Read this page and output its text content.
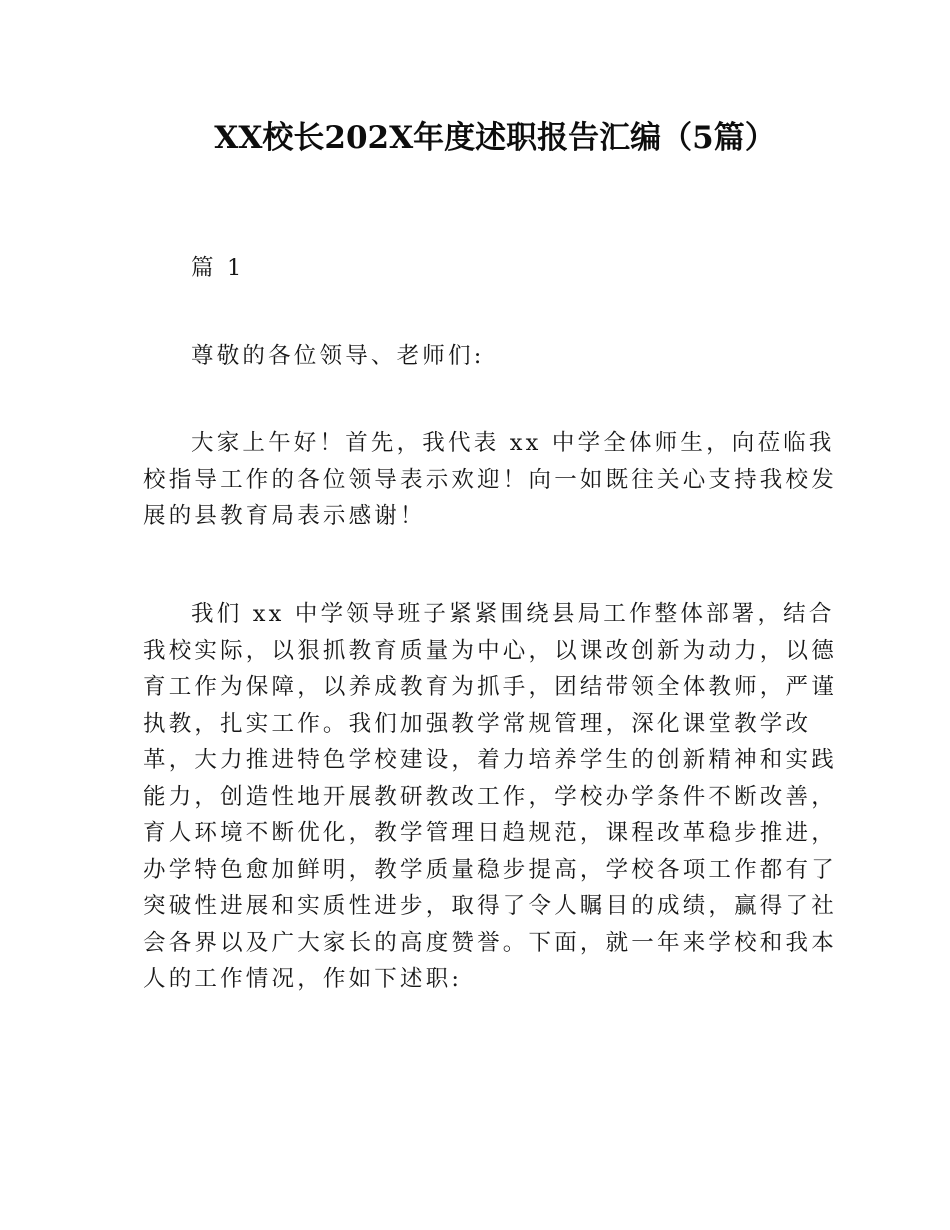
XX校长202X年度述职报告汇编（5篇）

篇 1

尊敬的各位领导、老师们:

大家上午好！首先，我代表 xx 中学全体师生，向莅临我
校指导工作的各位领导表示欢迎！向一如既往关心支持我校发
展的县教育局表示感谢！

我们 xx 中学领导班子紧紧围绕县局工作整体部署，结合
我校实际，以狠抓教育质量为中心，以课改创新为动力，以德
育工作为保障，以养成教育为抓手，团结带领全体教师，严谨
执教，扎实工作。我们加强教学常规管理，深化课堂教学改
革，大力推进特色学校建设，着力培养学生的创新精神和实践
能力，创造性地开展教研教改工作，学校办学条件不断改善，
育人环境不断优化，教学管理日趋规范，课程改革稳步推进，
办学特色愈加鲜明，教学质量稳步提高，学校各项工作都有了
突破性进展和实质性进步，取得了令人瞩目的成绩，赢得了社
会各界以及广大家长的高度赞誉。下面，就一年来学校和我本
人的工作情况，作如下述职:
